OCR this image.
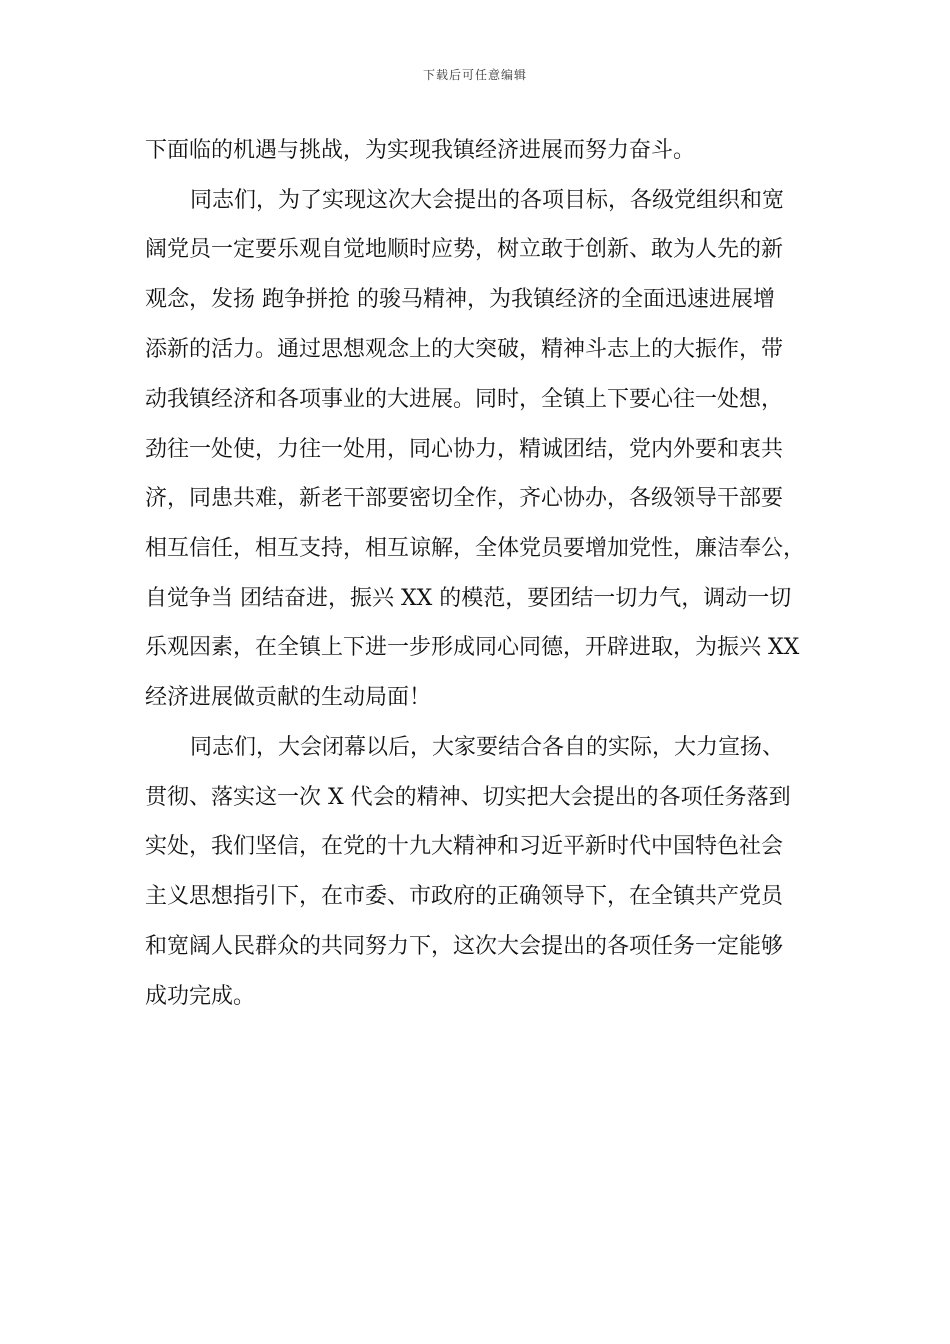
下载后可任意编辑
下面临的机遇与挑战，为实现我镇经济进展而努力奋斗。
同志们，为了实现这次大会提出的各项目标，各级党组织和宽
阔党员一定要乐观自觉地顺时应势，树立敢于创新、敢为人先的新
观念，发扬 跑争拼抢 的骏马精神，为我镇经济的全面迅速进展增
添新的活力。通过思想观念上的大突破，精神斗志上的大振作，带
动我镇经济和各项事业的大进展。同时，全镇上下要心往一处想，
劲往一处使，力往一处用，同心协力，精诚团结，党内外要和衷共
济，同患共难，新老干部要密切全作，齐心协办，各级领导干部要
相互信任，相互支持，相互谅解，全体党员要增加党性，廉洁奉公，
自觉争当 团结奋进，振兴 XX 的模范，要团结一切力气，调动一切
乐观因素，在全镇上下进一步形成同心同德，开辟进取，为振兴 XX
经济进展做贡献的生动局面！
同志们，大会闭幕以后，大家要结合各自的实际，大力宣扬、
贯彻、落实这一次 X 代会的精神、切实把大会提出的各项任务落到
实处，我们坚信，在党的十九大精神和习近平新时代中国特色社会
主义思想指引下，在市委、市政府的正确领导下，在全镇共产党员
和宽阔人民群众的共同努力下，这次大会提出的各项任务一定能够
成功完成。
